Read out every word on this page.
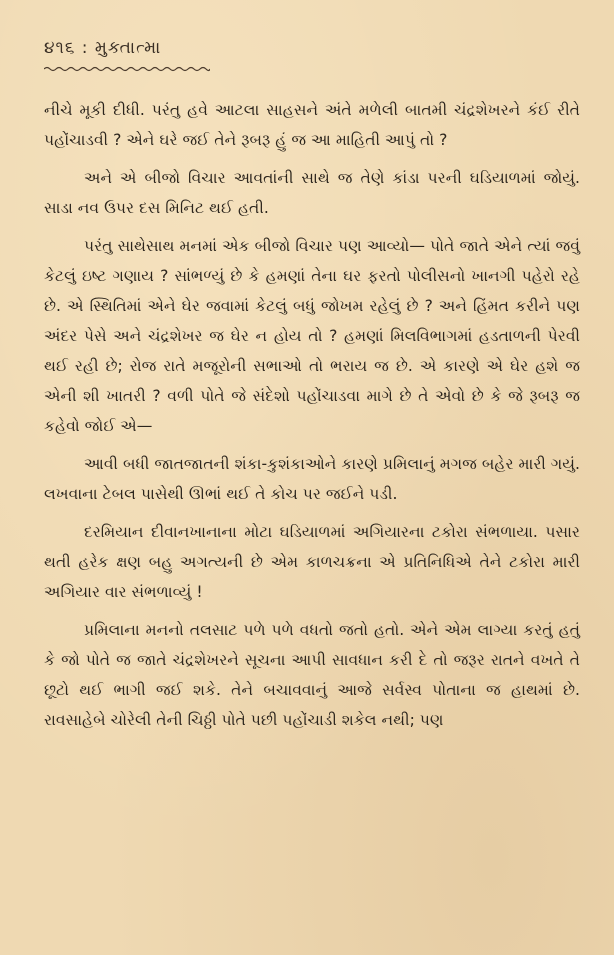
૪૧૬ : મુક્તાત્મા

નીચે મૂકી દીધી. પરંતુ હવે આટલા સાહસને અંતે મળેલી બાતમી ચંદ્રશેખરને કંઈ રીતે પહોંચાડવી ? એને ઘરે જઈ તેને રૂબરૂ હું જ આ માહિતી આપું તો ?

અને એ બીજો વિચાર આવતાંની સાથે જ તેણે કાંડા પરની ઘડિયાળમાં જોયું. સાડા નવ ઉપર દસ મિનિટ થઈ હતી.

પરંતુ સાથેસાથ મનમાં એક બીજો વિચાર પણ આવ્યો— પોતે જાતે એને ત્યાં જવું કેટલું ઇષ્ટ ગણાય ? સાંભળ્યું છે કે હમણાં તેના ઘર ફરતો પોલીસનો ખાનગી પહેરો રહે છે. એ સ્થિતિમાં એને ઘેર જવામાં કેટલું બધું જોખમ રહેલું છે ? અને હિંમત કરીને પણ અંદર પેસે અને ચંદ્રશેખર જ ઘેર ન હોય તો ? હમણાં મિલવિભાગમાં હડતાળની પેરવી થઈ રહી છે; રોજ રાતે મજૂરોની સભાઓ તો ભરાય જ છે. એ કારણે એ ઘેર હશે જ એની શી ખાતરી ? વળી પોતે જે સંદેશો પહોંચાડવા માગે છે તે એવો છે કે જે રૂબરૂ જ કહેવો જોઈ એ—

આવી બધી જાતજાતની શંકા-કુશંકાઓને કારણે પ્રમિલાનું મગજ બહેર મારી ગયું. લખવાના ટેબલ પાસેથી ઊભાં થઈ તે કોચ પર જઈને પડી.

દરમિયાન દીવાનખાનાના મોટા ઘડિયાળમાં અગિયારના ટકોરા સંભળાયા. પસાર થતી હરેક ક્ષણ બહુ અગત્યની છે એમ કાળચક્રના એ પ્રતિનિધિએ તેને ટકોરા મારી અગિયાર વાર સંભળાવ્યું !

પ્રમિલાના મનનો તલસાટ પળે પળે વધતો જતો હતો. એને એમ લાગ્યા કરતું હતું કે જો પોતે જ જાતે ચંદ્રશેખરને સૂચના આપી સાવધાન કરી દે તો જરૂર રાતને વખતે તે છૂટો થઈ ભાગી જઈ શકે. તેને બચાવવાનું આજે સર્વસ્વ પોતાના જ હાથમાં છે. રાવસાહેબે ચોરેલી તેની ચિઠ્ઠી પોતે પછી પહોંચાડી શકેલ નથી; પણ
